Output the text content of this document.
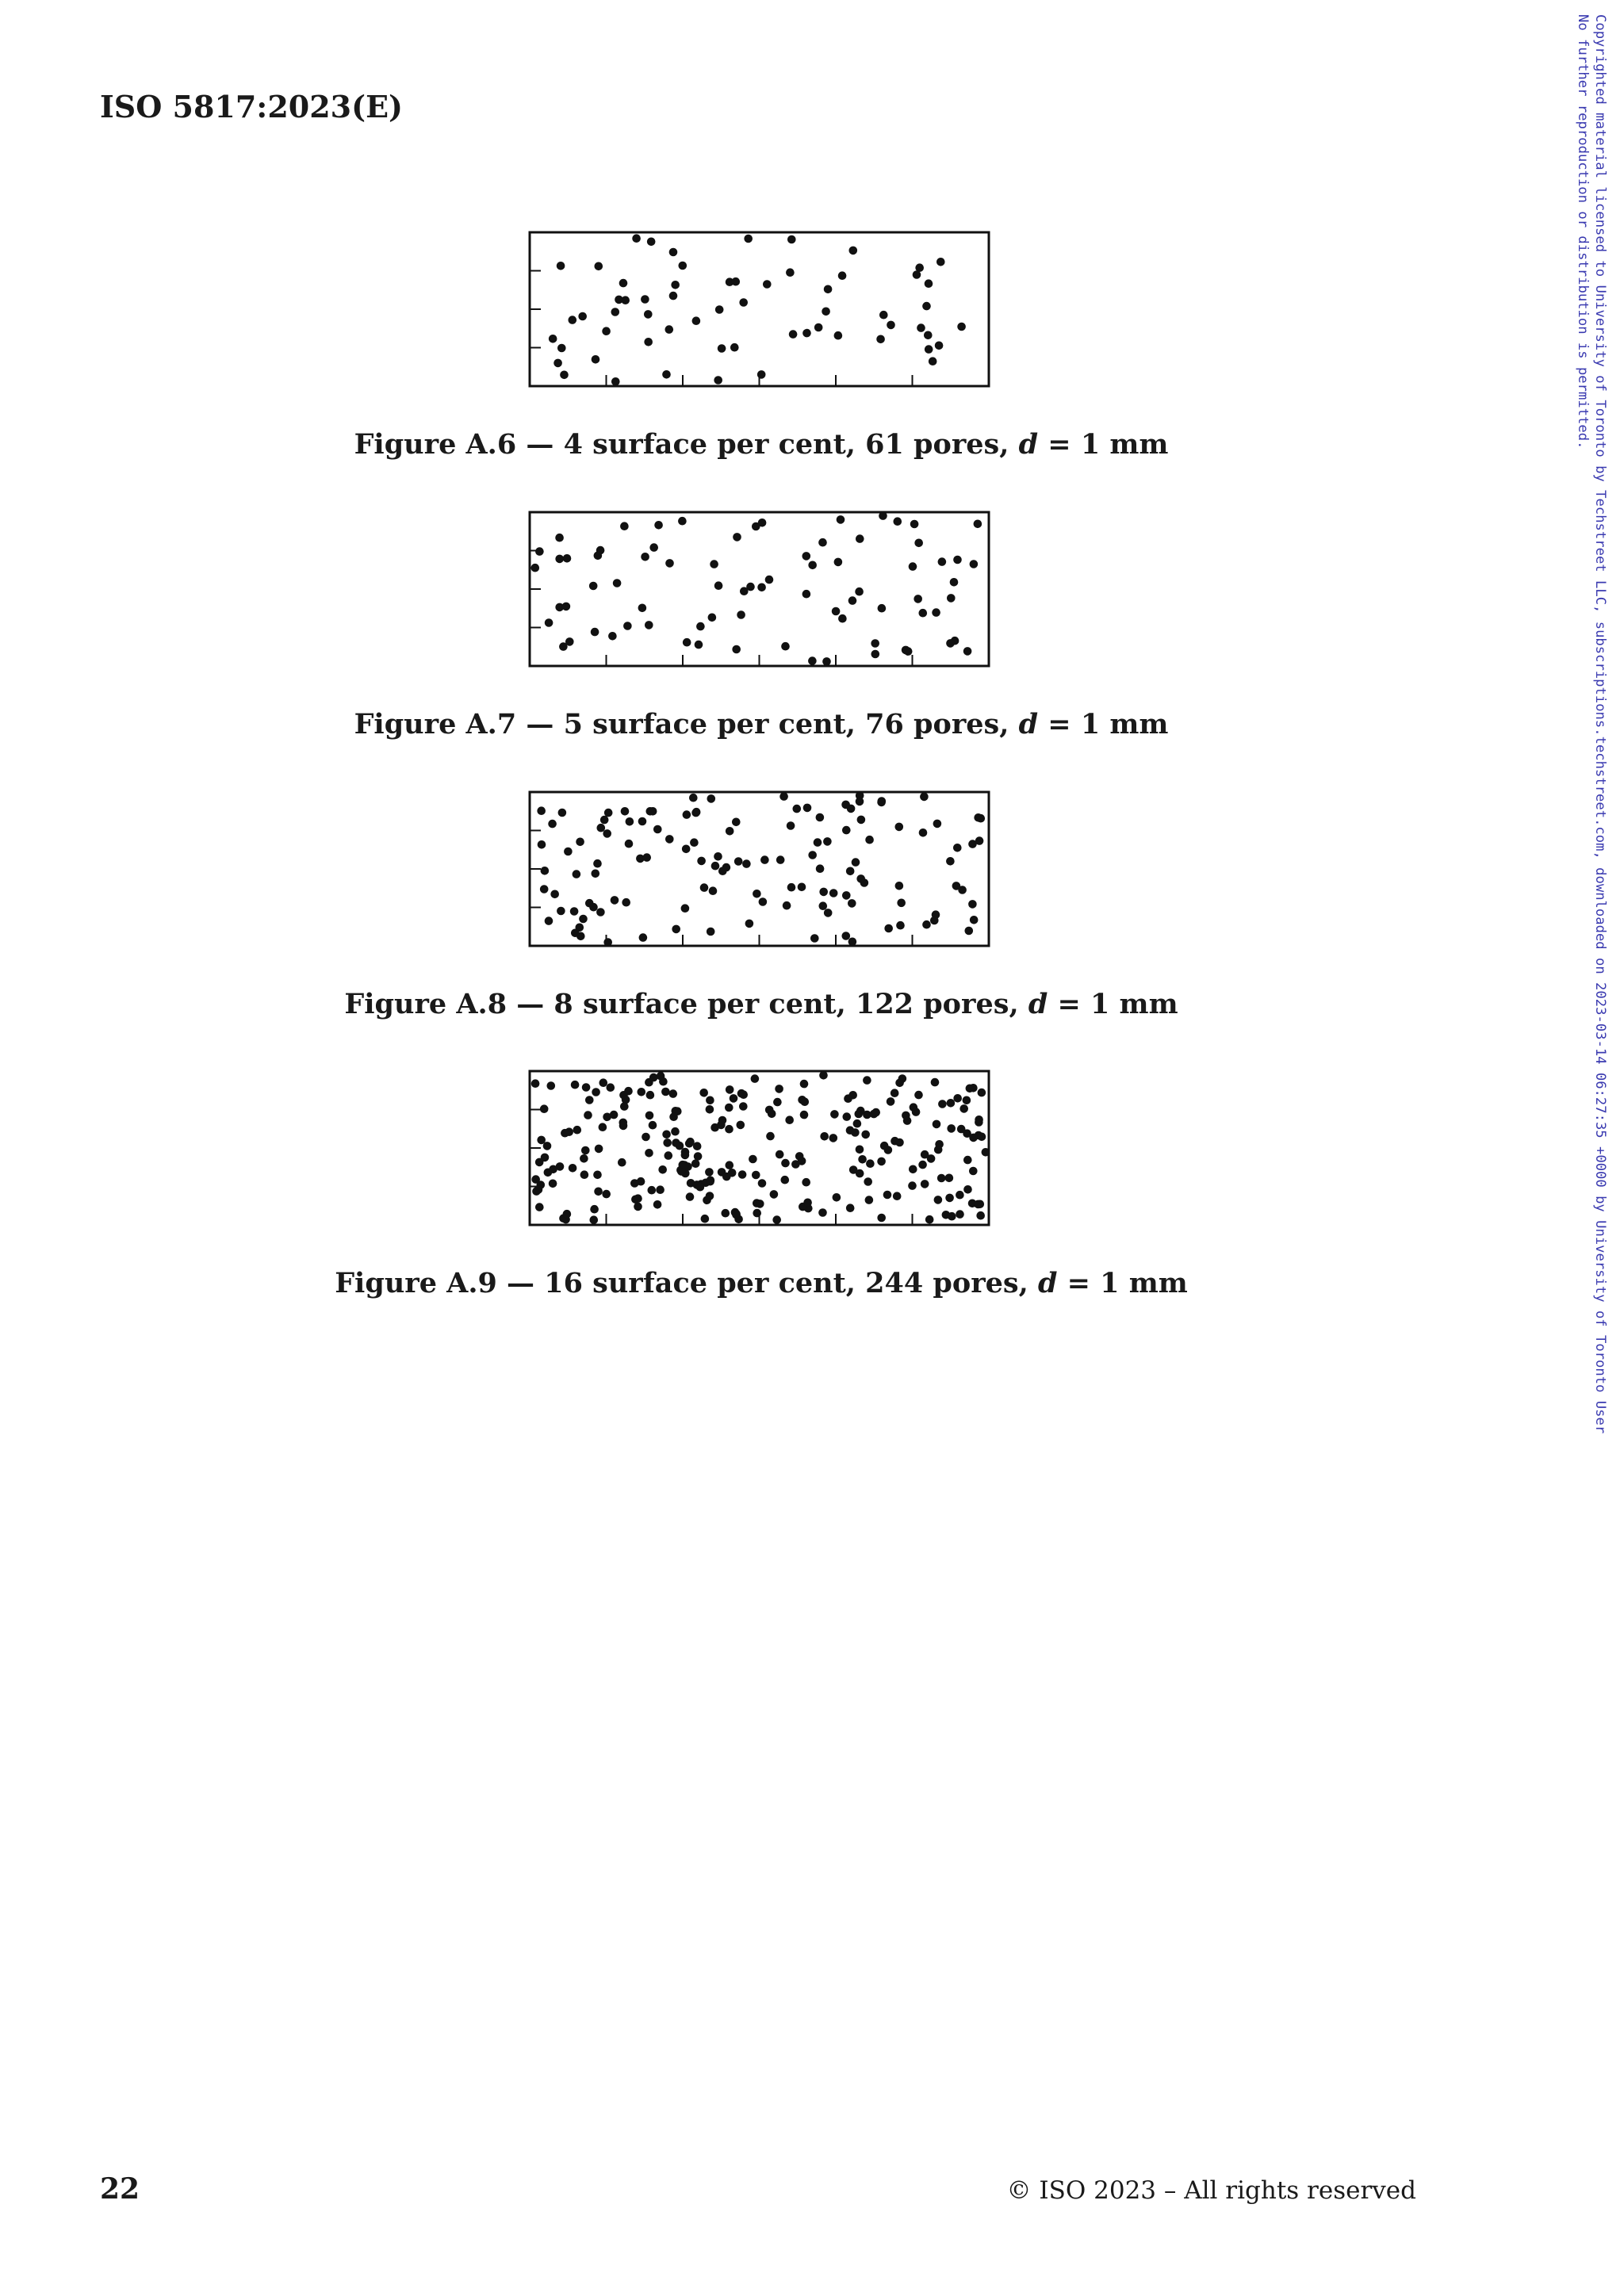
ISO 5817:2023(E)	Copyrighted material licensed to University of Toronto by Techstreet LLC, subscriptions.techstreet.com, downloaded on 2023-03-14 06:27:35 +0000 by University of Toronto User.
No further reproduction or distribution is permitted.
Figure A.6 — 4 surface per cent, 61 pores, d = 1 mm
Figure A.7 — 5 surface per cent, 76 pores, d = 1 mm
Figure A.8 — 8 surface per cent, 122 pores, d = 1 mm
Figure A.9 — 16 surface per cent, 244 pores, d = 1 mm
22	© ISO 2023 – All rights reserved
